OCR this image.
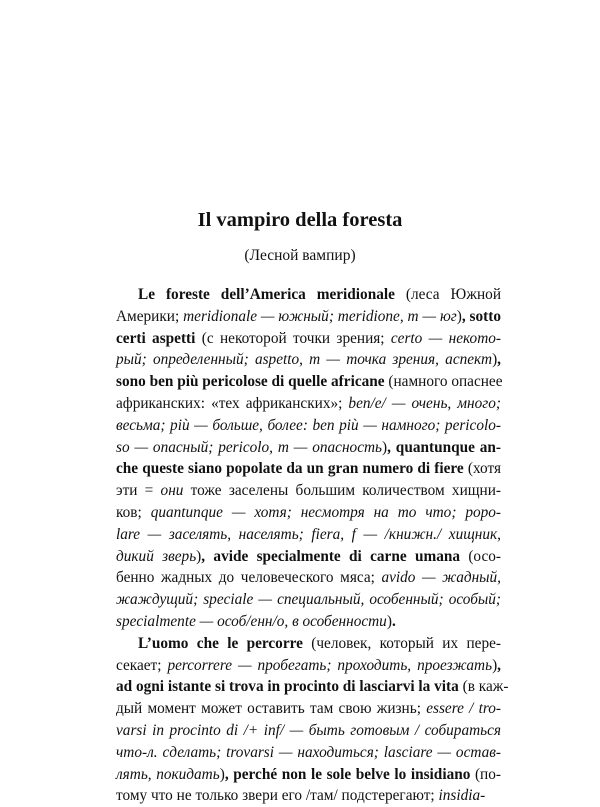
Il vampiro della foresta
(Лесной вампир)
Le foreste dell’America meridionale (леса Южной
Америки; meridionale — южный; meridione, m — юг), sotto
certi aspetti (с некоторой точки зрения; certo — некото-
рый; определенный; aspetto, m — точка зрения, аспект),
sono ben più pericolose di quelle africane (намного опаснее
африканских: «тех африканских»; ben/e/ — очень, много;
весьма; più — больше, более: ben più — намного; pericolo-
so — опасный; pericolo, m — опасность), quantunque an-
che queste siano popolate da un gran numero di fiere (хотя
эти = они тоже заселены большим количеством хищни-
ков; quantunque — хотя; несмотря на то что; popo-
lare — заселять, населять; fiera, f — /книжн./ хищник,
дикий зверь), avide specialmente di carne umana (осо-
бенно жадных до человеческого мяса; avido — жадный,
жаждущий; speciale — специальный, особенный; особый;
specialmente — особ/енн/о, в особенности).
L’uomo che le percorre (человек, который их пере-
секает; percorrere — пробегать; проходить, проезжать),
ad ogni istante si trova in procinto di lasciarvi la vita (в каж-
дый момент может оставить там свою жизнь; essere / tro-
varsi in procinto di /+ inf/ — быть готовым / собираться
что-л. сделать; trovarsi — находиться; lasciare — остав-
лять, покидать), perché non le sole belve lo insidiano (по-
тому что не только звери его /там/ подстерегают; insidia-
